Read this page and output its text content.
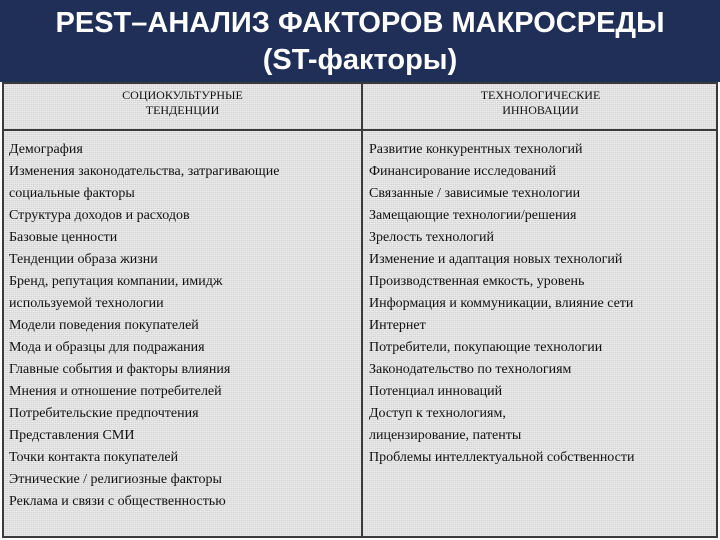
PEST–АНАЛИЗ ФАКТОРОВ МАКРОСРЕДЫ
(ST-факторы)
СОЦИОКУЛЬТУРНЫЕ
ТЕНДЕНЦИИ
ТЕХНОЛОГИЧЕСКИЕ
ИННОВАЦИИ
Демография
Изменения законодательства, затрагивающие
социальные факторы
Структура доходов и расходов
Базовые ценности
Тенденции образа жизни
Бренд, репутация компании, имидж
используемой технологии
Модели поведения покупателей
Мода и образцы для подражания
Главные события и факторы влияния
Мнения и отношение потребителей
Потребительские предпочтения
Представления СМИ
Точки контакта покупателей
Этнические / религиозные факторы
Реклама и связи с общественностью
Развитие конкурентных технологий
Финансирование исследований
Связанные / зависимые технологии
Замещающие технологии/решения
Зрелость технологий
Изменение и адаптация новых технологий
Производственная емкость, уровень
Информация и коммуникации, влияние сети
Интернет
Потребители, покупающие технологии
Законодательство по технологиям
Потенциал инноваций
Доступ к технологиям,
лицензирование, патенты
Проблемы интеллектуальной собственности
